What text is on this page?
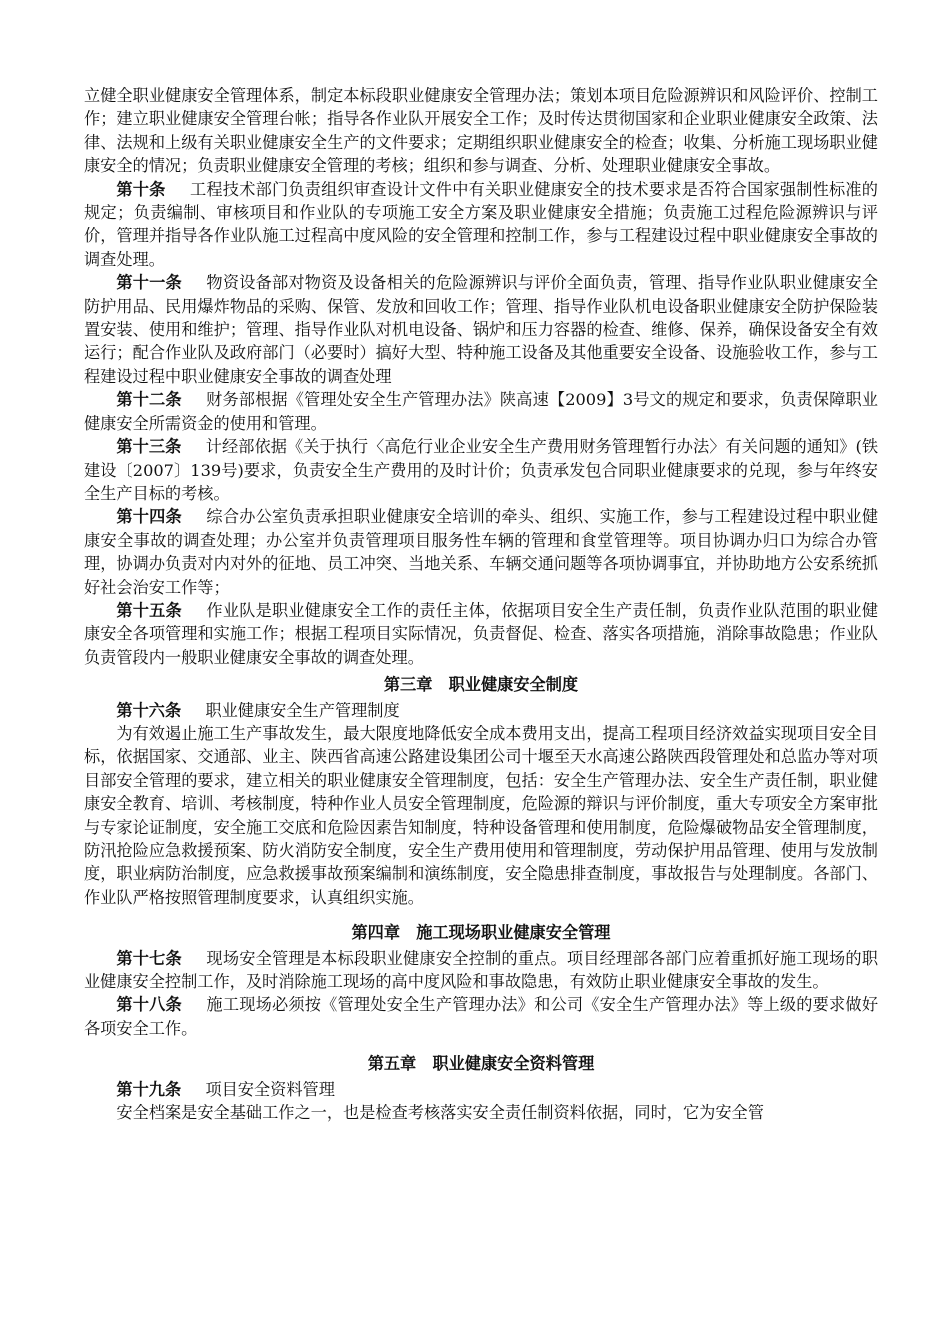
立健全职业健康安全管理体系，制定本标段职业健康安全管理办法；策划本项目危险源辨识和风险评价、控制工作；建立职业健康安全管理台帐；指导各作业队开展安全工作；及时传达贯彻国家和企业职业健康安全政策、法律、法规和上级有关职业健康安全生产的文件要求；定期组织职业健康安全的检查；收集、分析施工现场职业健康安全的情况；负责职业健康安全管理的考核；组织和参与调查、分析、处理职业健康安全事故。

第十条 工程技术部门负责组织审查设计文件中有关职业健康安全的技术要求是否符合国家强制性标准的规定；负责编制、审核项目和作业队的专项施工安全方案及职业健康安全措施；负责施工过程危险源辨识与评价，管理并指导各作业队施工过程高中度风险的安全管理和控制工作，参与工程建设过程中职业健康安全事故的调查处理。

第十一条 物资设备部对物资及设备相关的危险源辨识与评价全面负责，管理、指导作业队职业健康安全防护用品、民用爆炸物品的采购、保管、发放和回收工作；管理、指导作业队机电设备职业健康安全防护保险装置安装、使用和维护；管理、指导作业队对机电设备、锅炉和压力容器的检查、维修、保养，确保设备安全有效运行；配合作业队及政府部门（必要时）搞好大型、特种施工设备及其他重要安全设备、设施验收工作，参与工程建设过程中职业健康安全事故的调查处理

第十二条 财务部根据《管理处安全生产管理办法》陕高速【2009】3号文的规定和要求，负责保障职业健康安全所需资金的使用和管理。

第十三条 计经部依据《关于执行〈高危行业企业安全生产费用财务管理暂行办法〉有关问题的通知》(铁建设〔2007〕139号)要求，负责安全生产费用的及时计价；负责承发包合同职业健康要求的兑现，参与年终安全生产目标的考核。

第十四条 综合办公室负责承担职业健康安全培训的牵头、组织、实施工作，参与工程建设过程中职业健康安全事故的调查处理；办公室并负责管理项目服务性车辆的管理和食堂管理等。项目协调办归口为综合办管理，协调办负责对内对外的征地、员工冲突、当地关系、车辆交通问题等各项协调事宜，并协助地方公安系统抓好社会治安工作等；

第十五条 作业队是职业健康安全工作的责任主体，依据项目安全生产责任制，负责作业队范围的职业健康安全各项管理和实施工作；根据工程项目实际情况，负责督促、检查、落实各项措施，消除事故隐患；作业队负责管段内一般职业健康安全事故的调查处理。

第三章 职业健康安全制度

第十六条 职业健康安全生产管理制度

为有效遏止施工生产事故发生，最大限度地降低安全成本费用支出，提高工程项目经济效益实现项目安全目标，依据国家、交通部、业主、陕西省高速公路建设集团公司十堰至天水高速公路陕西段管理处和总监办等对项目部安全管理的要求，建立相关的职业健康安全管理制度，包括：安全生产管理办法、安全生产责任制，职业健康安全教育、培训、考核制度，特种作业人员安全管理制度，危险源的辩识与评价制度，重大专项安全方案审批与专家论证制度，安全施工交底和危险因素告知制度，特种设备管理和使用制度，危险爆破物品安全管理制度，防汛抢险应急救援预案、防火消防安全制度，安全生产费用使用和管理制度，劳动保护用品管理、使用与发放制度，职业病防治制度，应急救援事故预案编制和演练制度，安全隐患排查制度，事故报告与处理制度。各部门、作业队严格按照管理制度要求，认真组织实施。

第四章 施工现场职业健康安全管理

第十七条 现场安全管理是本标段职业健康安全控制的重点。项目经理部各部门应着重抓好施工现场的职业健康安全控制工作，及时消除施工现场的高中度风险和事故隐患，有效防止职业健康安全事故的发生。

第十八条 施工现场必须按《管理处安全生产管理办法》和公司《安全生产管理办法》等上级的要求做好各项安全工作。

第五章 职业健康安全资料管理

第十九条 项目安全资料管理

安全档案是安全基础工作之一，也是检查考核落实安全责任制资料依据，同时，它为安全管
